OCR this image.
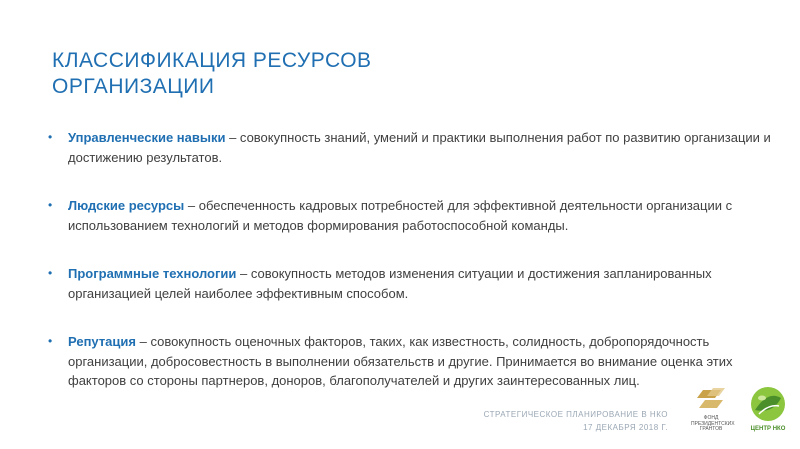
КЛАССИФИКАЦИЯ РЕСУРСОВ
ОРГАНИЗАЦИИ
• Управленческие навыки – совокупность знаний, умений и практики выполнения работ по развитию организации и достижению результатов.
• Людские ресурсы – обеспеченность кадровых потребностей для эффективной деятельности организации с использованием технологий и методов формирования работоспособной команды.
• Программные технологии – совокупность методов изменения ситуации и достижения запланированных организацией целей наиболее эффективным способом.
• Репутация – совокупность оценочных факторов, таких, как известность, солидность, добропорядочность организации, добросовестность в выполнении обязательств и другие. Принимается во внимание оценка этих факторов со стороны партнеров, доноров, благополучателей и других заинтересованных лиц.
СТРАТЕГИЧЕСКОЕ ПЛАНИРОВАНИЕ В НКО
17 ДЕКАБРЯ 2018 Г.
ФОНД ПРЕЗИДЕНТСКИХ ГРАНТОВ	ЦЕНТР НКО
